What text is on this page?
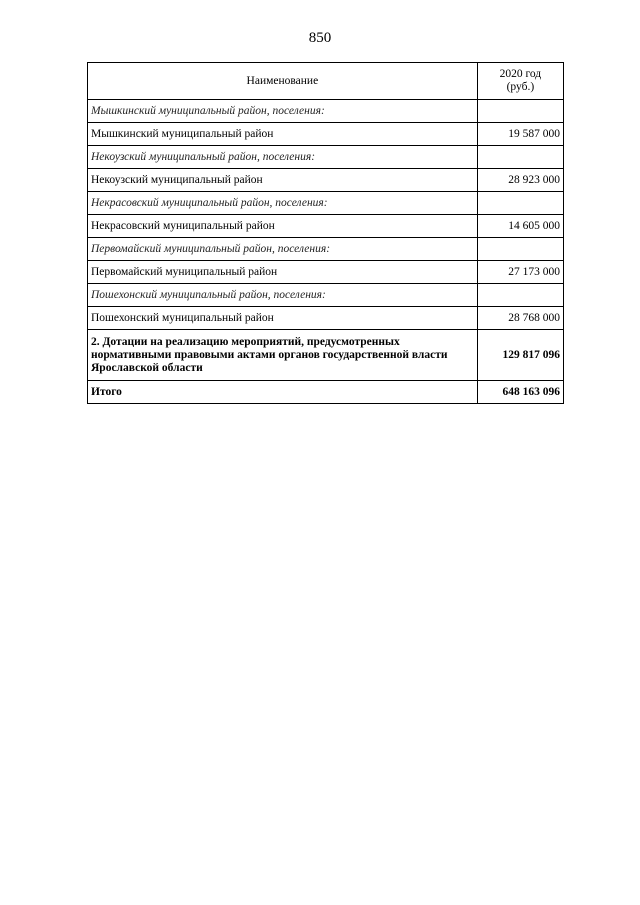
850
Наименование	2020 год
(руб.)
Мышкинский муниципальный район, поселения:	
Мышкинский муниципальный район	19 587 000
Некоузский муниципальный район, поселения:	
Некоузский муниципальный район	28 923 000
Некрасовский муниципальный район, поселения:	
Некрасовский муниципальный район	14 605 000
Первомайский муниципальный район, поселения:	
Первомайский муниципальный район	27 173 000
Пошехонский муниципальный район, поселения:	
Пошехонский муниципальный район	28 768 000
2. Дотации на реализацию мероприятий, предусмотренных нормативными правовыми актами органов государственной власти Ярославской области	129 817 096
Итого	648 163 096
